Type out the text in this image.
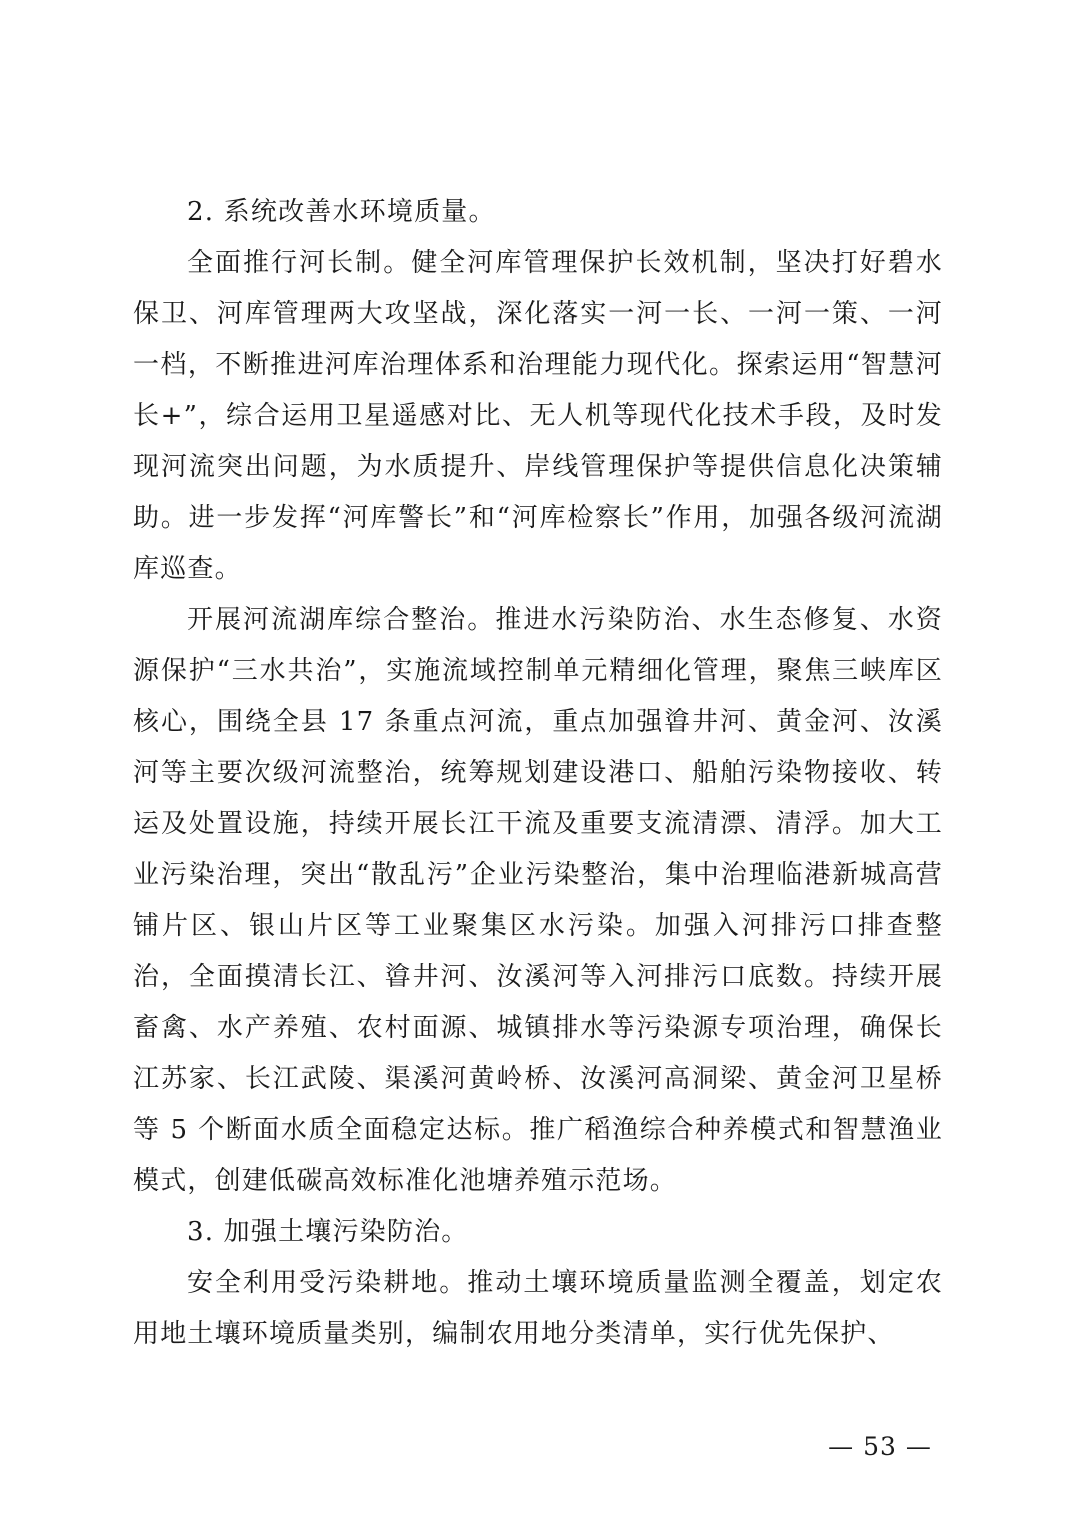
2. 系统改善水环境质量。

全面推行河长制。健全河库管理保护长效机制，坚决打好碧水保卫、河库管理两大攻坚战，深化落实一河一长、一河一策、一河一档，不断推进河库治理体系和治理能力现代化。探索运用“智慧河长+”，综合运用卫星遥感对比、无人机等现代化技术手段，及时发现河流突出问题，为水质提升、岸线管理保护等提供信息化决策辅助。进一步发挥“河库警长”和“河库检察长”作用，加强各级河流湖库巡查。

开展河流湖库综合整治。推进水污染防治、水生态修复、水资源保护“三水共治”，实施流域控制单元精细化管理，聚焦三峡库区核心，围绕全县 17 条重点河流，重点加强㽏井河、黄金河、汝溪河等主要次级河流整治，统筹规划建设港口、船舶污染物接收、转运及处置设施，持续开展长江干流及重要支流清漂、清浮。加大工业污染治理，突出“散乱污”企业污染整治，集中治理临港新城高营铺片区、银山片区等工业聚集区水污染。加强入河排污口排查整治，全面摸清长江、㽏井河、汝溪河等入河排污口底数。持续开展畜禽、水产养殖、农村面源、城镇排水等污染源专项治理，确保长江苏家、长江武陵、渠溪河黄岭桥、汝溪河高洞梁、黄金河卫星桥等 5 个断面水质全面稳定达标。推广稻渔综合种养模式和智慧渔业模式，创建低碳高效标准化池塘养殖示范场。

3. 加强土壤污染防治。

安全利用受污染耕地。推动土壤环境质量监测全覆盖，划定农用地土壤环境质量类别，编制农用地分类清单，实行优先保护、

— 53 —
